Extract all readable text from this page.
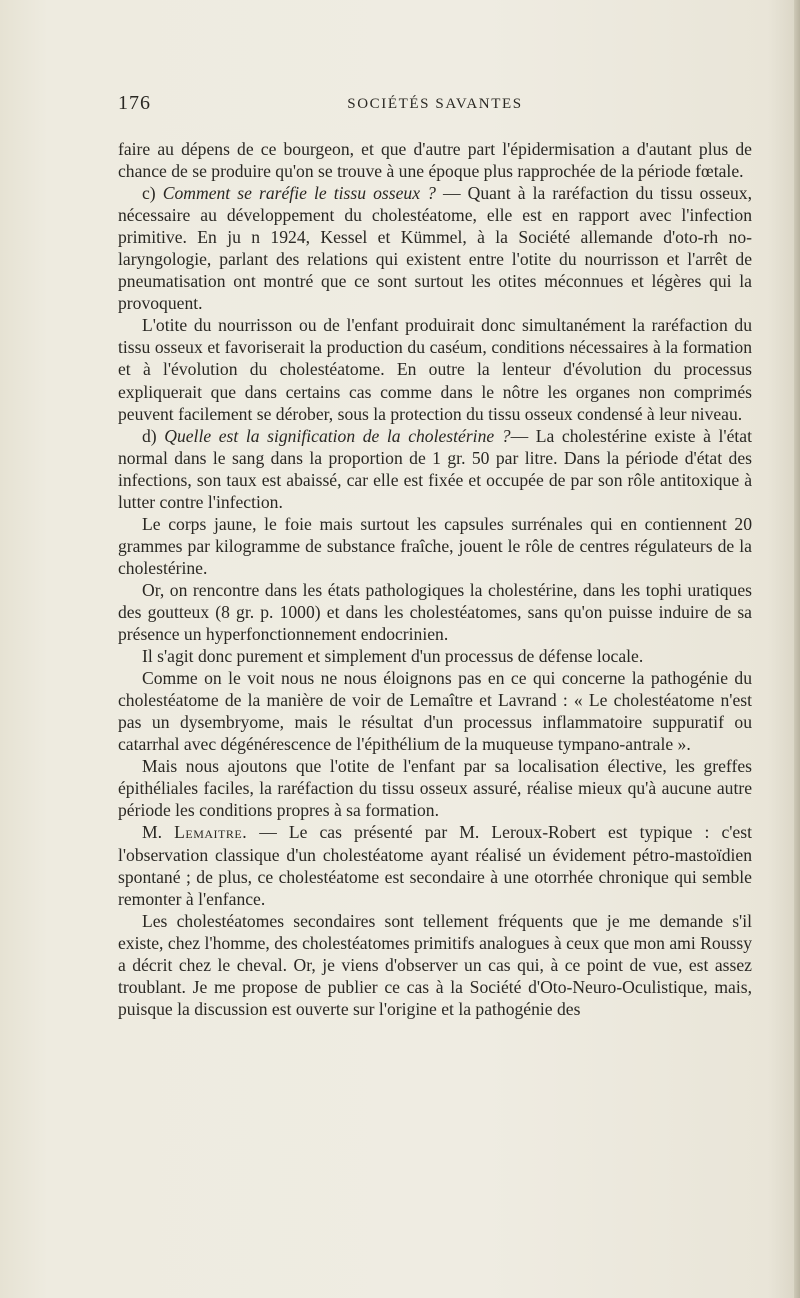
176	SOCIÉTÉS SAVANTES

faire au dépens de ce bourgeon, et que d'autre part l'épidermisation a d'autant plus de chance de se produire qu'on se trouve à une époque plus rapprochée de la période fœtale.

c) Comment se raréfie le tissu osseux ? — Quant à la raréfaction du tissu osseux, nécessaire au développement du cholestéatome, elle est en rapport avec l'infection primitive. En ju n 1924, Kessel et Kümmel, à la Société allemande d'oto-rh no-laryngologie, parlant des relations qui existent entre l'otite du nourrisson et l'arrêt de pneumatisation ont montré que ce sont surtout les otites méconnues et légères qui la provoquent.

L'otite du nourrisson ou de l'enfant produirait donc simultanément la raréfaction du tissu osseux et favoriserait la production du caséum, conditions nécessaires à la formation et à l'évolution du cholestéatome. En outre la lenteur d'évolution du processus expliquerait que dans certains cas comme dans le nôtre les organes non comprimés peuvent facilement se dérober, sous la protection du tissu osseux condensé à leur niveau.

d) Quelle est la signification de la cholestérine ?— La cholestérine existe à l'état normal dans le sang dans la proportion de 1 gr. 50 par litre. Dans la période d'état des infections, son taux est abaissé, car elle est fixée et occupée de par son rôle antitoxique à lutter contre l'infection.

Le corps jaune, le foie mais surtout les capsules surrénales qui en contiennent 20 grammes par kilogramme de substance fraîche, jouent le rôle de centres régulateurs de la cholestérine.

Or, on rencontre dans les états pathologiques la cholestérine, dans les tophi uratiques des goutteux (8 gr. p. 1000) et dans les cholestéatomes, sans qu'on puisse induire de sa présence un hyperfonctionnement endocrinien.

Il s'agit donc purement et simplement d'un processus de défense locale.

Comme on le voit nous ne nous éloignons pas en ce qui concerne la pathogénie du cholestéatome de la manière de voir de Lemaître et Lavrand : « Le cholestéatome n'est pas un dysembryome, mais le résultat d'un processus inflammatoire suppuratif ou catarrhal avec dégénérescence de l'épithélium de la muqueuse tympano-antrale ».

Mais nous ajoutons que l'otite de l'enfant par sa localisation élective, les greffes épithéliales faciles, la raréfaction du tissu osseux assuré, réalise mieux qu'à aucune autre période les conditions propres à sa formation.

M. Lemaitre. — Le cas présenté par M. Leroux-Robert est typique : c'est l'observation classique d'un cholestéatome ayant réalisé un évidement pétro-mastoïdien spontané ; de plus, ce cholestéatome est secondaire à une otorrhée chronique qui semble remonter à l'enfance.

Les cholestéatomes secondaires sont tellement fréquents que je me demande s'il existe, chez l'homme, des cholestéatomes primitifs analogues à ceux que mon ami Roussy a décrit chez le cheval. Or, je viens d'observer un cas qui, à ce point de vue, est assez troublant. Je me propose de publier ce cas à la Société d'Oto-Neuro-Oculistique, mais, puisque la discussion est ouverte sur l'origine et la pathogénie des
